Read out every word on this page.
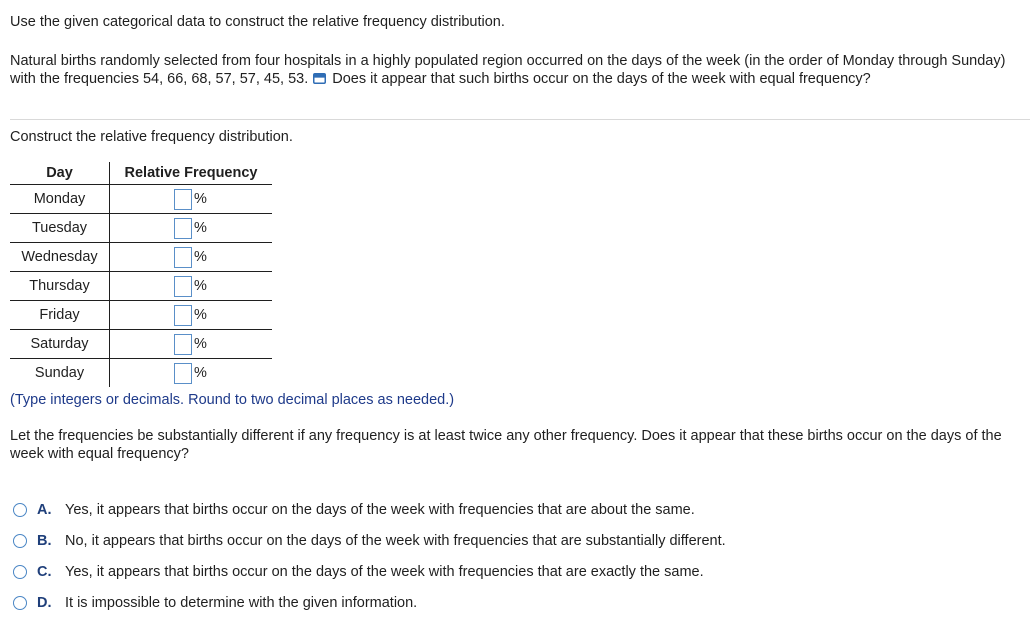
Use the given categorical data to construct the relative frequency distribution.
Natural births randomly selected from four hospitals in a highly populated region occurred on the days of the week (in the order of Monday through Sunday) with the frequencies 54, 66, 68, 57, 57, 45, 53. Does it appear that such births occur on the days of the week with equal frequency?
Construct the relative frequency distribution.
Day	Relative Frequency
Monday	%
Tuesday	%
Wednesday	%
Thursday	%
Friday	%
Saturday	%
Sunday	%
(Type integers or decimals. Round to two decimal places as needed.)
Let the frequencies be substantially different if any frequency is at least twice any other frequency. Does it appear that these births occur on the days of the week with equal frequency?
A. Yes, it appears that births occur on the days of the week with frequencies that are about the same.
B. No, it appears that births occur on the days of the week with frequencies that are substantially different.
C. Yes, it appears that births occur on the days of the week with frequencies that are exactly the same.
D. It is impossible to determine with the given information.
